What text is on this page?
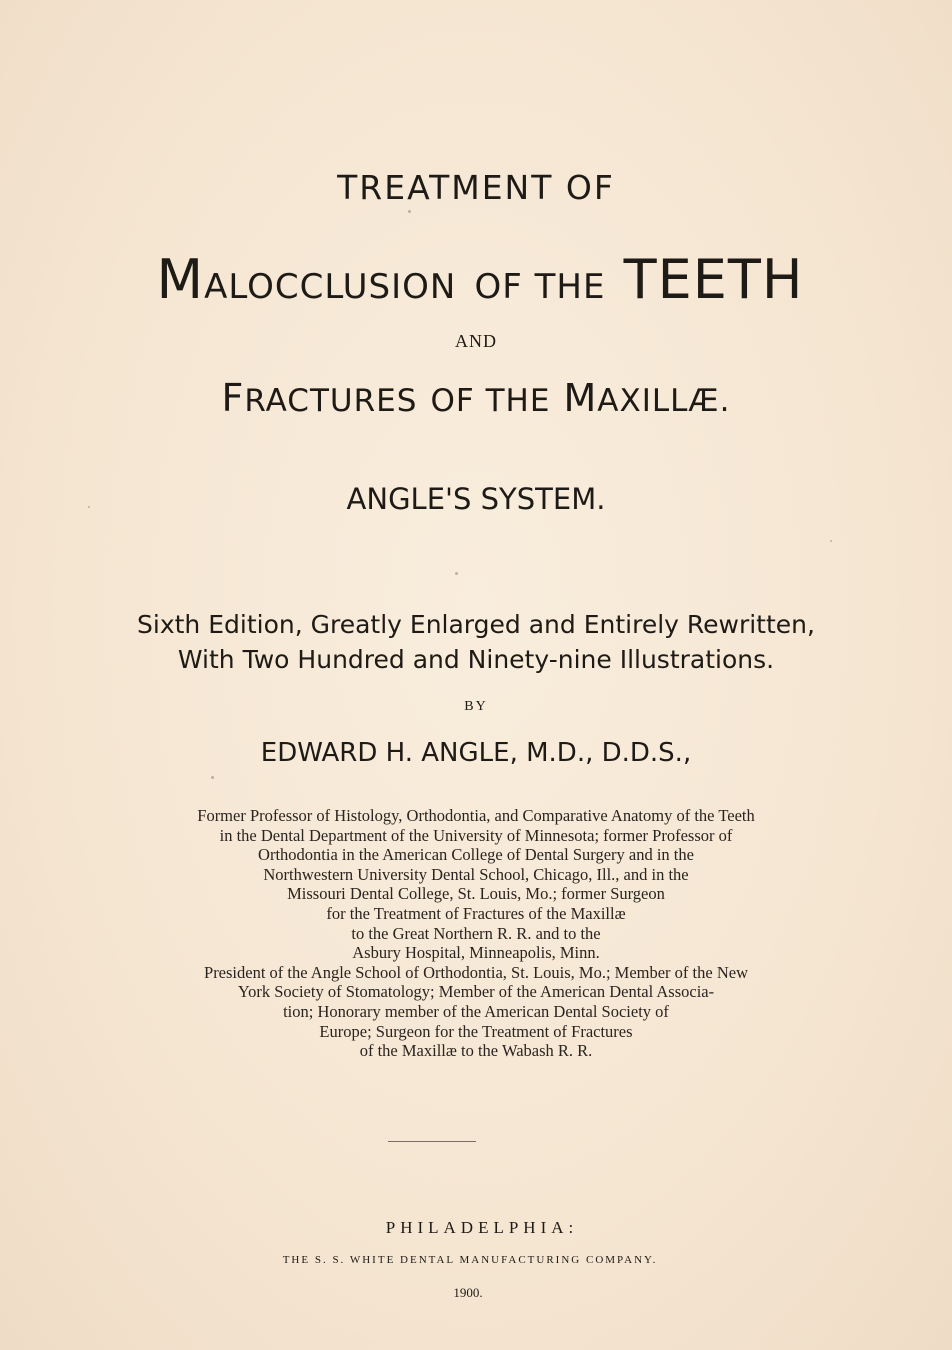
TREATMENT OF

MALOCCLUSION OF THE TEETH

AND

FRACTURES OF THE MAXILLÆ.

ANGLE'S SYSTEM.

Sixth Edition, Greatly Enlarged and Entirely Rewritten,

With Two Hundred and Ninety-nine Illustrations.

BY

EDWARD H. ANGLE, M.D., D.D.S.,

Former Professor of Histology, Orthodontia, and Comparative Anatomy of the Teeth
in the Dental Department of the University of Minnesota; former Professor of
Orthodontia in the American College of Dental Surgery and in the
Northwestern University Dental School, Chicago, Ill., and in the
Missouri Dental College, St. Louis, Mo.; former Surgeon
for the Treatment of Fractures of the Maxillæ
to the Great Northern R. R. and to the
Asbury Hospital, Minneapolis, Minn.
President of the Angle School of Orthodontia, St. Louis, Mo.; Member of the New
York Society of Stomatology; Member of the American Dental Associa-
tion; Honorary member of the American Dental Society of
Europe; Surgeon for the Treatment of Fractures
of the Maxillæ to the Wabash R. R.

PHILADELPHIA:

THE S. S. WHITE DENTAL MANUFACTURING COMPANY.

1900.
